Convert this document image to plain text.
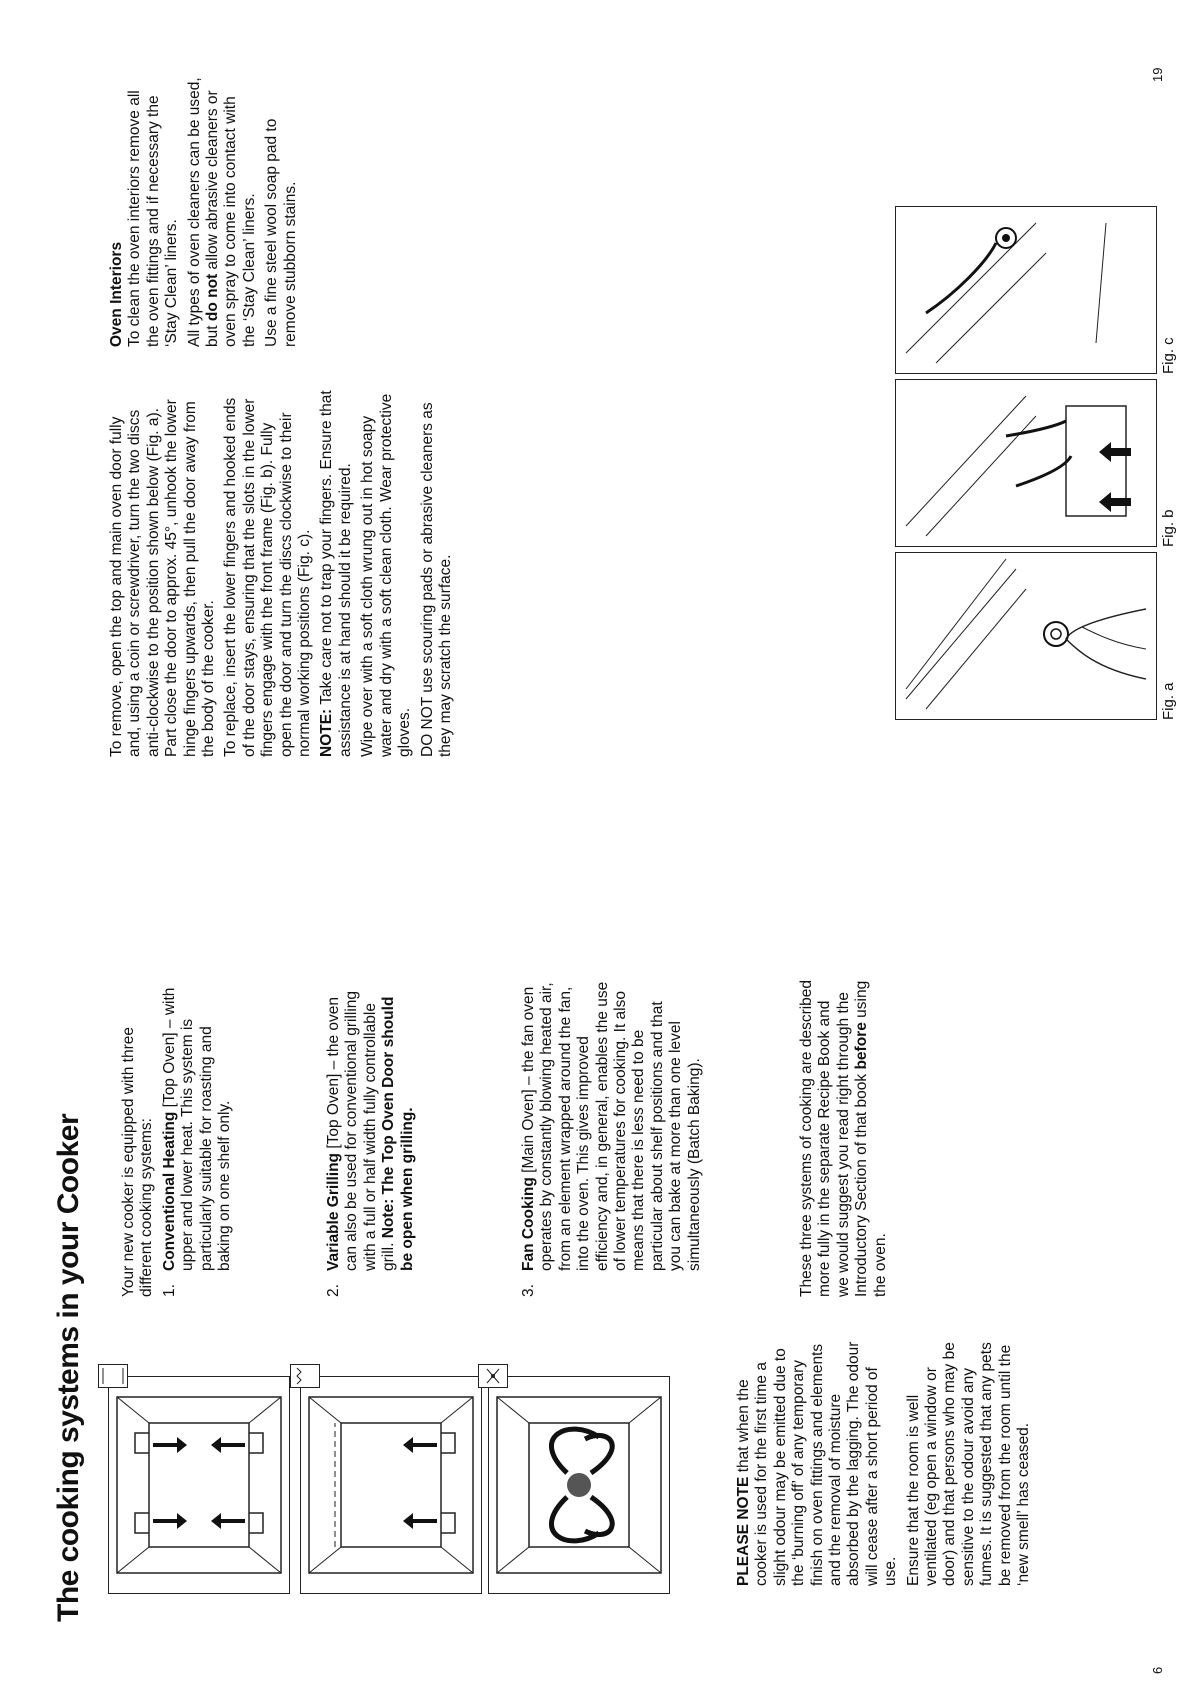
The cooking systems in your Cooker	PLEASE NOTE that when the cooker is used for the first time a slight odour may be emitted due to the ‘burning off’ of any temporary finish on oven fittings and elements and the removal of moisture absorbed by the lagging. The odour will cease after a short period of use. Ensure that the room is well ventilated (eg open a window or door) and that persons who may be sensitive to the odour avoid any fumes. It is suggested that any pets be removed from the room until the ‘new smell’ has ceased.

Your new cooker is equipped with three different cooking systems: 1.
Conventional Heating [Top Oven] – with upper and lower heat. This system is particularly suitable for roasting and baking on one shelf only.
2.
Variable Grilling [Top Oven] – the oven can also be used for conventional grilling with a full or half width fully controllable grill. Note: The Top Oven Door should be open when grilling.
3.
Fan Cooking [Main Oven] – the fan oven operates by constantly blowing heated air, from an element wrapped around the fan, into the oven. This gives improved efficiency and, in general, enables the use of lower temperatures for cooking. It also means that there is less need to be particular about shelf positions and that you can bake at more than one level simultaneously (Batch Baking).	These three systems of cooking are described more fully in the separate Recipe Book and we would suggest you read right through the Introductory Section of that book before using the oven.

6

To remove, open the top and main oven door fully and, using a coin or screwdriver, turn the two discs anti-clockwise to the position shown below (Fig. a). Part close the door to approx. 45°, unhook the lower hinge fingers upwards, then pull the door away from the body of the cooker. To replace, insert the lower fingers and hooked ends of the door stays, ensuring that the slots in the lower fingers engage with the front frame (Fig. b). Fully open the door and turn the discs clockwise to their normal working positions (Fig. c). NOTE: Take care not to trap your fingers. Ensure that assistance is at hand should it be required. Wipe over with a soft cloth wrung out in hot soapy water and dry with a soft clean cloth. Wear protective gloves. DO NOT use scouring pads or abrasive cleaners as they may scratch the surface.

Oven Interiors To clean the oven interiors remove all the oven fittings and if necessary the ‘Stay Clean’ liners. All types of oven cleaners can be used, but do not allow abrasive cleaners or oven spray to come into contact with the ‘Stay Clean’ liners. Use a fine steel wool soap pad to remove stubborn stains.

Fig. a
Fig. b
Fig. c
19
